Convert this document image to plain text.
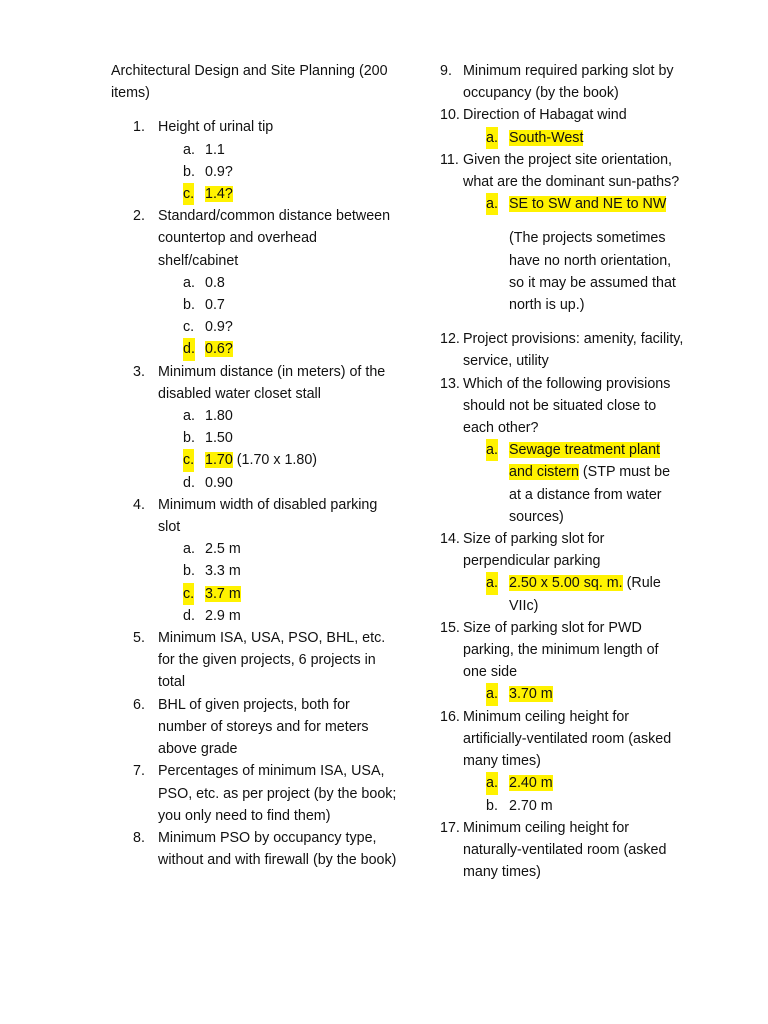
Architectural Design and Site Planning (200 items)
1. Height of urinal tip
a. 1.1
b. 0.9?
c. 1.4?
2. Standard/common distance between countertop and overhead shelf/cabinet
a. 0.8
b. 0.7
c. 0.9?
d. 0.6?
3. Minimum distance (in meters) of the disabled water closet stall
a. 1.80
b. 1.50
c. 1.70 (1.70 x 1.80)
d. 0.90
4. Minimum width of disabled parking slot
a. 2.5 m
b. 3.3 m
c. 3.7 m
d. 2.9 m
5. Minimum ISA, USA, PSO, BHL, etc. for the given projects, 6 projects in total
6. BHL of given projects, both for number of storeys and for meters above grade
7. Percentages of minimum ISA, USA, PSO, etc. as per project (by the book; you only need to find them)
8. Minimum PSO by occupancy type, without and with firewall (by the book)
9. Minimum required parking slot by occupancy (by the book)
10. Direction of Habagat wind
a. South-West
11. Given the project site orientation, what are the dominant sun-paths?
a. SE to SW and NE to NW
(The projects sometimes have no north orientation, so it may be assumed that north is up.)
12. Project provisions: amenity, facility, service, utility
13. Which of the following provisions should not be situated close to each other?
a. Sewage treatment plant and cistern (STP must be at a distance from water sources)
14. Size of parking slot for perpendicular parking
a. 2.50 x 5.00 sq. m. (Rule VIIc)
15. Size of parking slot for PWD parking, the minimum length of one side
a. 3.70 m
16. Minimum ceiling height for artificially-ventilated room (asked many times)
a. 2.40 m
b. 2.70 m
17. Minimum ceiling height for naturally-ventilated room (asked many times)
